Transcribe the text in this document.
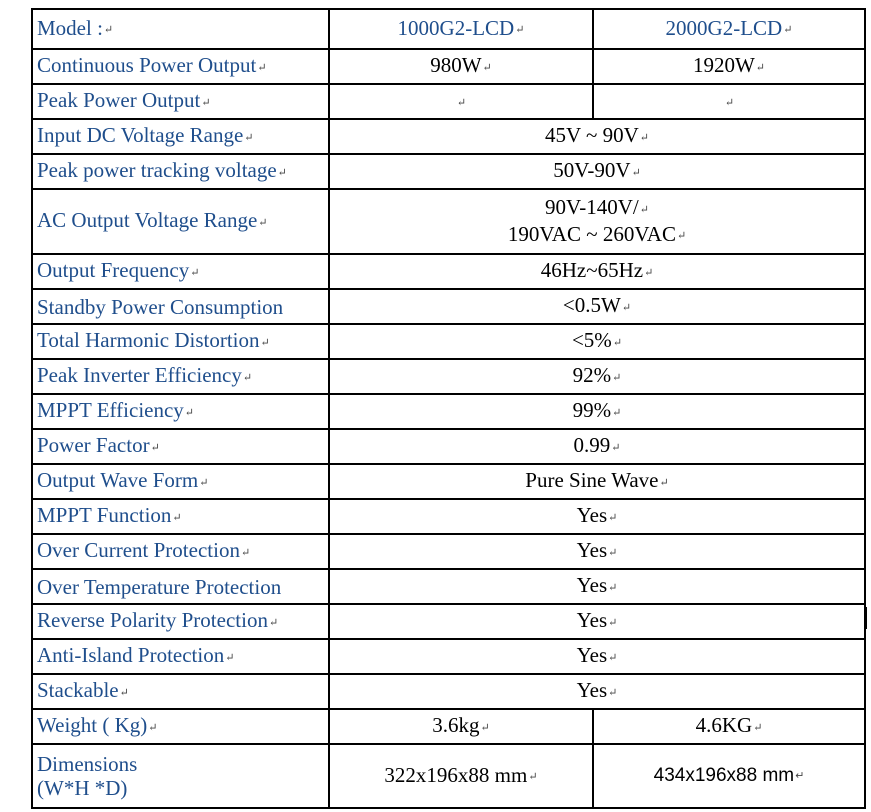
Model :↵	1000G2-LCD↵	2000G2-LCD↵
Continuous Power Output↵	980W↵	1920W↵
Peak Power Output↵	↵	↵
Input DC Voltage Range↵	45V ~ 90V↵	
Peak power tracking voltage↵	50V-90V↵	
AC Output Voltage Range↵	90V-140V/↵
190VAC ~ 260VAC↵	

Output Frequency↵	46Hz~65Hz↵	
Standby Power Consumption	<0.5W↵	
Total Harmonic Distortion↵	<5%↵	
Peak Inverter Efficiency↵	92%↵	
MPPT Efficiency↵	99%↵	
Power Factor↵	0.99↵	
Output Wave Form↵	Pure Sine Wave↵	
MPPT Function↵	Yes↵	
Over Current Protection↵	Yes↵	
Over Temperature Protection	Yes↵	
Reverse Polarity Protection↵	Yes↵	
Anti-Island Protection↵	Yes↵	
Stackable↵	Yes↵	
Weight ( Kg)↵	3.6kg↵	4.6KG↵

Dimensions
(W*H *D)	322x196x88 mm↵	434x196x88 mm↵
